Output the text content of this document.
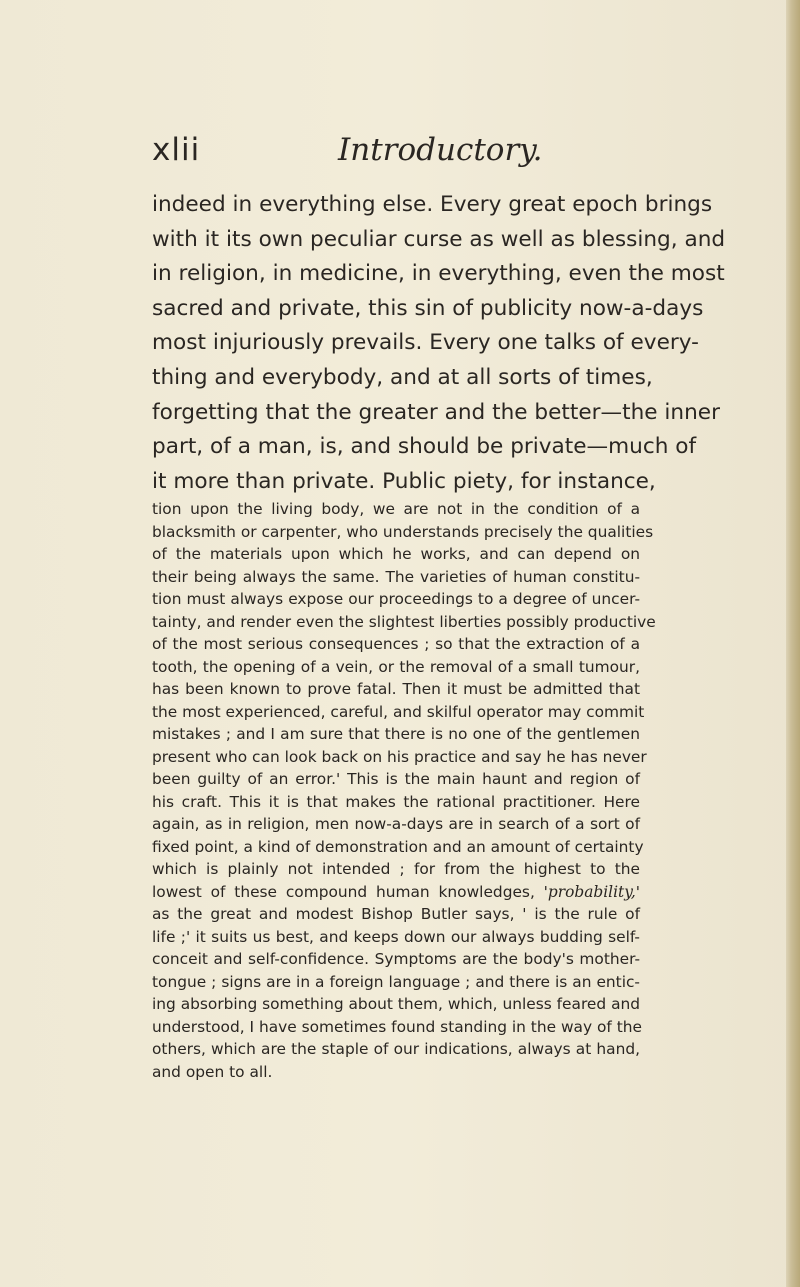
xlii	Introductory.
indeed in everything else. Every great epoch brings
with it its own peculiar curse as well as blessing, and
in religion, in medicine, in everything, even the most
sacred and private, this sin of publicity now-a-days
most injuriously prevails. Every one talks of every-
thing and everybody, and at all sorts of times,
forgetting that the greater and the better—the inner
part, of a man, is, and should be private—much of
it more than private. Public piety, for instance,
tion upon the living body, we are not in the condition of a
blacksmith or carpenter, who understands precisely the qualities
of the materials upon which he works, and can depend on
their being always the same. The varieties of human constitu-
tion must always expose our proceedings to a degree of uncer-
tainty, and render even the slightest liberties possibly productive
of the most serious consequences ; so that the extraction of a
tooth, the opening of a vein, or the removal of a small tumour,
has been known to prove fatal. Then it must be admitted that
the most experienced, careful, and skilful operator may commit
mistakes ; and I am sure that there is no one of the gentlemen
present who can look back on his practice and say he has never
been guilty of an error.' This is the main haunt and region of
his craft. This it is that makes the rational practitioner. Here
again, as in religion, men now-a-days are in search of a sort of
fixed point, a kind of demonstration and an amount of certainty
which is plainly not intended ; for from the highest to the
lowest of these compound human knowledges, 'probability,'
as the great and modest Bishop Butler says, ' is the rule of
life ;' it suits us best, and keeps down our always budding self-
conceit and self-confidence. Symptoms are the body's mother-
tongue ; signs are in a foreign language ; and there is an entic-
ing absorbing something about them, which, unless feared and
understood, I have sometimes found standing in the way of the
others, which are the staple of our indications, always at hand,
and open to all.
